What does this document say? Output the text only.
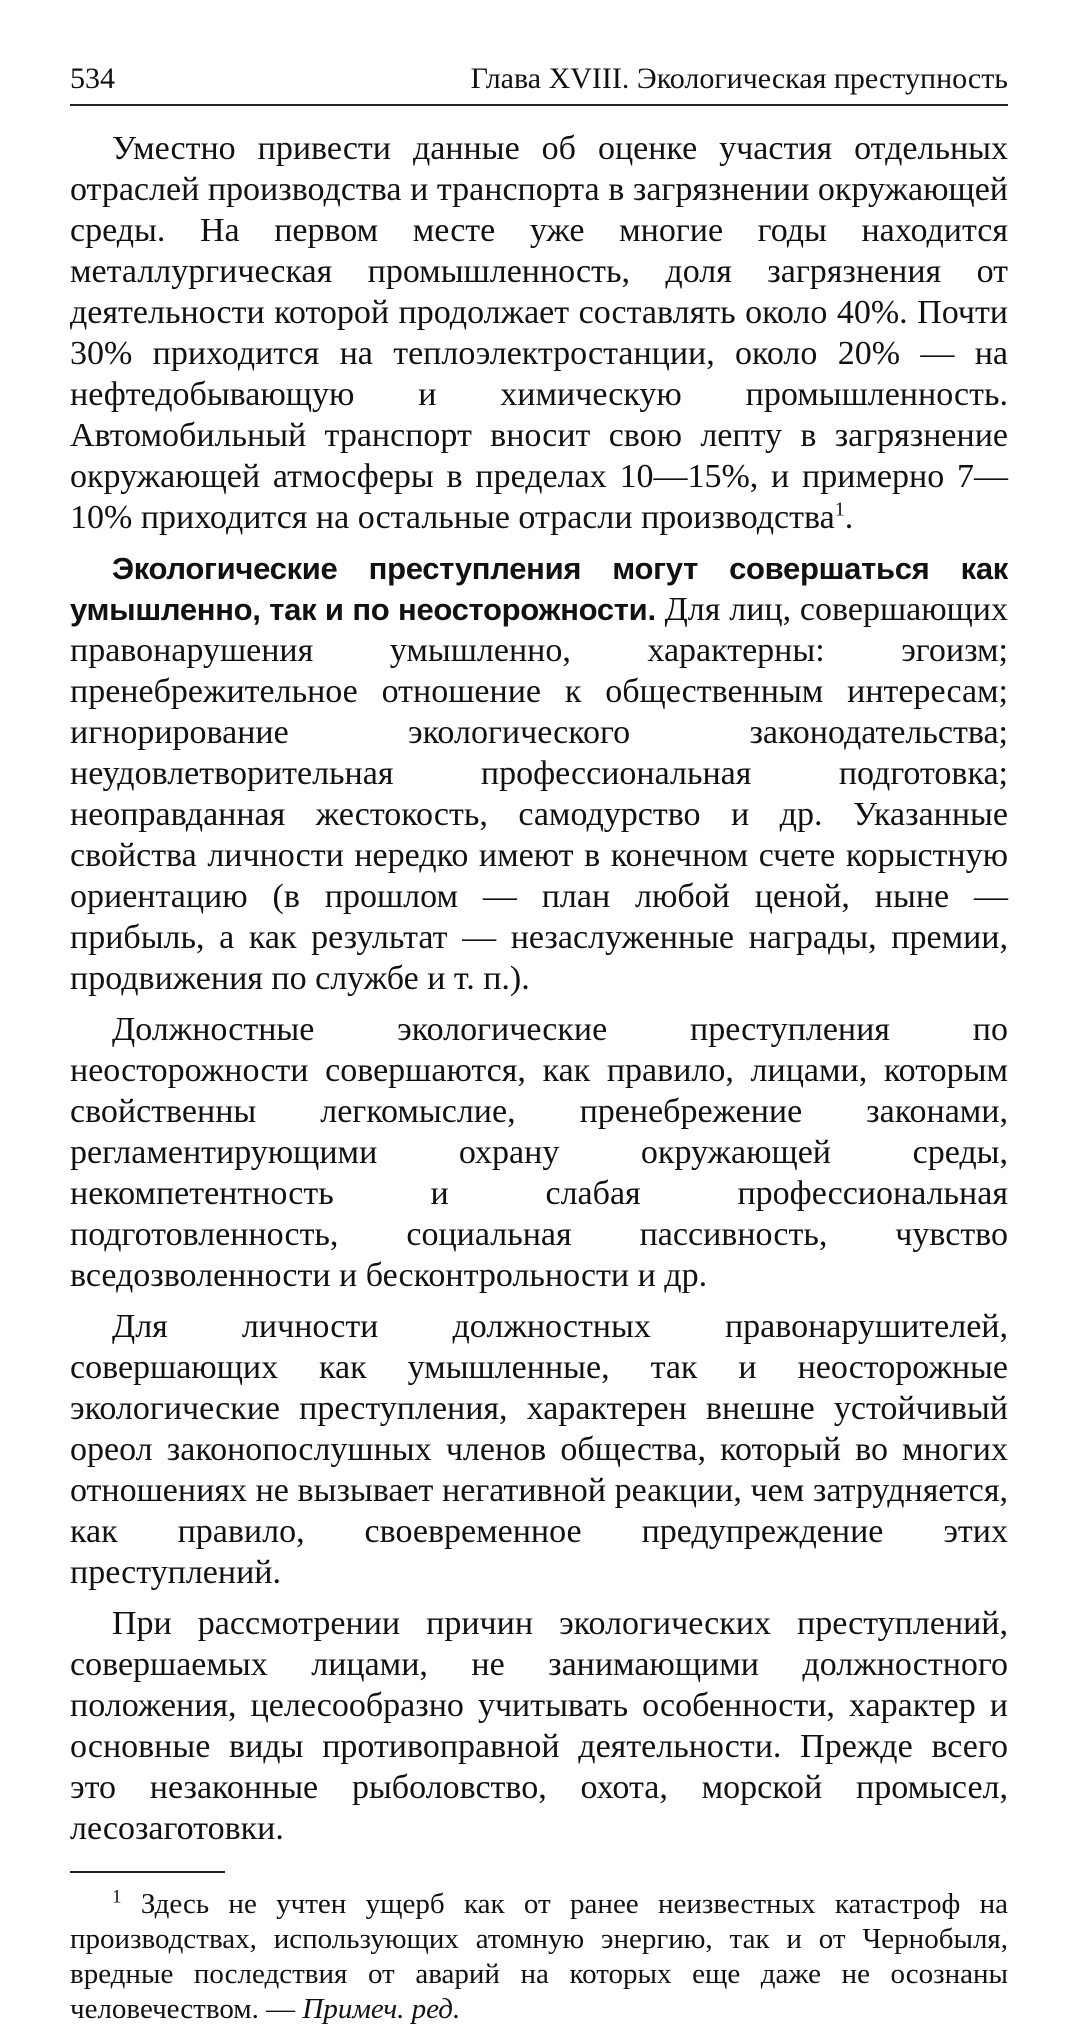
534	Глава XVIII. Экологическая преступность

Уместно привести данные об оценке участия отдельных отраслей производства и транспорта в загрязнении окружающей среды. На первом месте уже многие годы находится металлургическая промышленность, доля загрязнения от деятельности которой продолжает составлять около 40%. Почти 30% приходится на теплоэлектростанции, около 20% — на нефтедобывающую и химическую промышленность. Автомобильный транспорт вносит свою лепту в загрязнение окружающей атмосферы в пределах 10—15%, и примерно 7—10% приходится на остальные отрасли производства$^1$.

Экологические преступления могут совершаться как умышленно, так и по неосторожности. Для лиц, совершающих правонарушения умышленно, характерны: эгоизм; пренебрежительное отношение к общественным интересам; игнорирование экологического законодательства; неудовлетворительная профессиональная подготовка; неоправданная жестокость, самодурство и др. Указанные свойства личности нередко имеют в конечном счете корыстную ориентацию (в прошлом — план любой ценой, ныне — прибыль, а как результат — незаслуженные награды, премии, продвижения по службе и т. п.).

Должностные экологические преступления по неосторожности совершаются, как правило, лицами, которым свойственны легкомыслие, пренебрежение законами, регламентирующими охрану окружающей среды, некомпетентность и слабая профессиональная подготовленность, социальная пассивность, чувство вседозволенности и бесконтрольности и др.

Для личности должностных правонарушителей, совершающих как умышленные, так и неосторожные экологические преступления, характерен внешне устойчивый ореол законопослушных членов общества, который во многих отношениях не вызывает негативной реакции, чем затрудняется, как правило, своевременное предупреждение этих преступлений.

При рассмотрении причин экологических преступлений, совершаемых лицами, не занимающими должностного положения, целесообразно учитывать особенности, характер и основные виды противоправной деятельности. Прежде всего это незаконные рыболовство, охота, морской промысел, лесозаготовки.

$^1$ Здесь не учтен ущерб как от ранее неизвестных катастроф на производствах, использующих атомную энергию, так и от Чернобыля, вредные последствия от аварий на которых еще даже не осознаны человечеством. — Примеч. ред.
